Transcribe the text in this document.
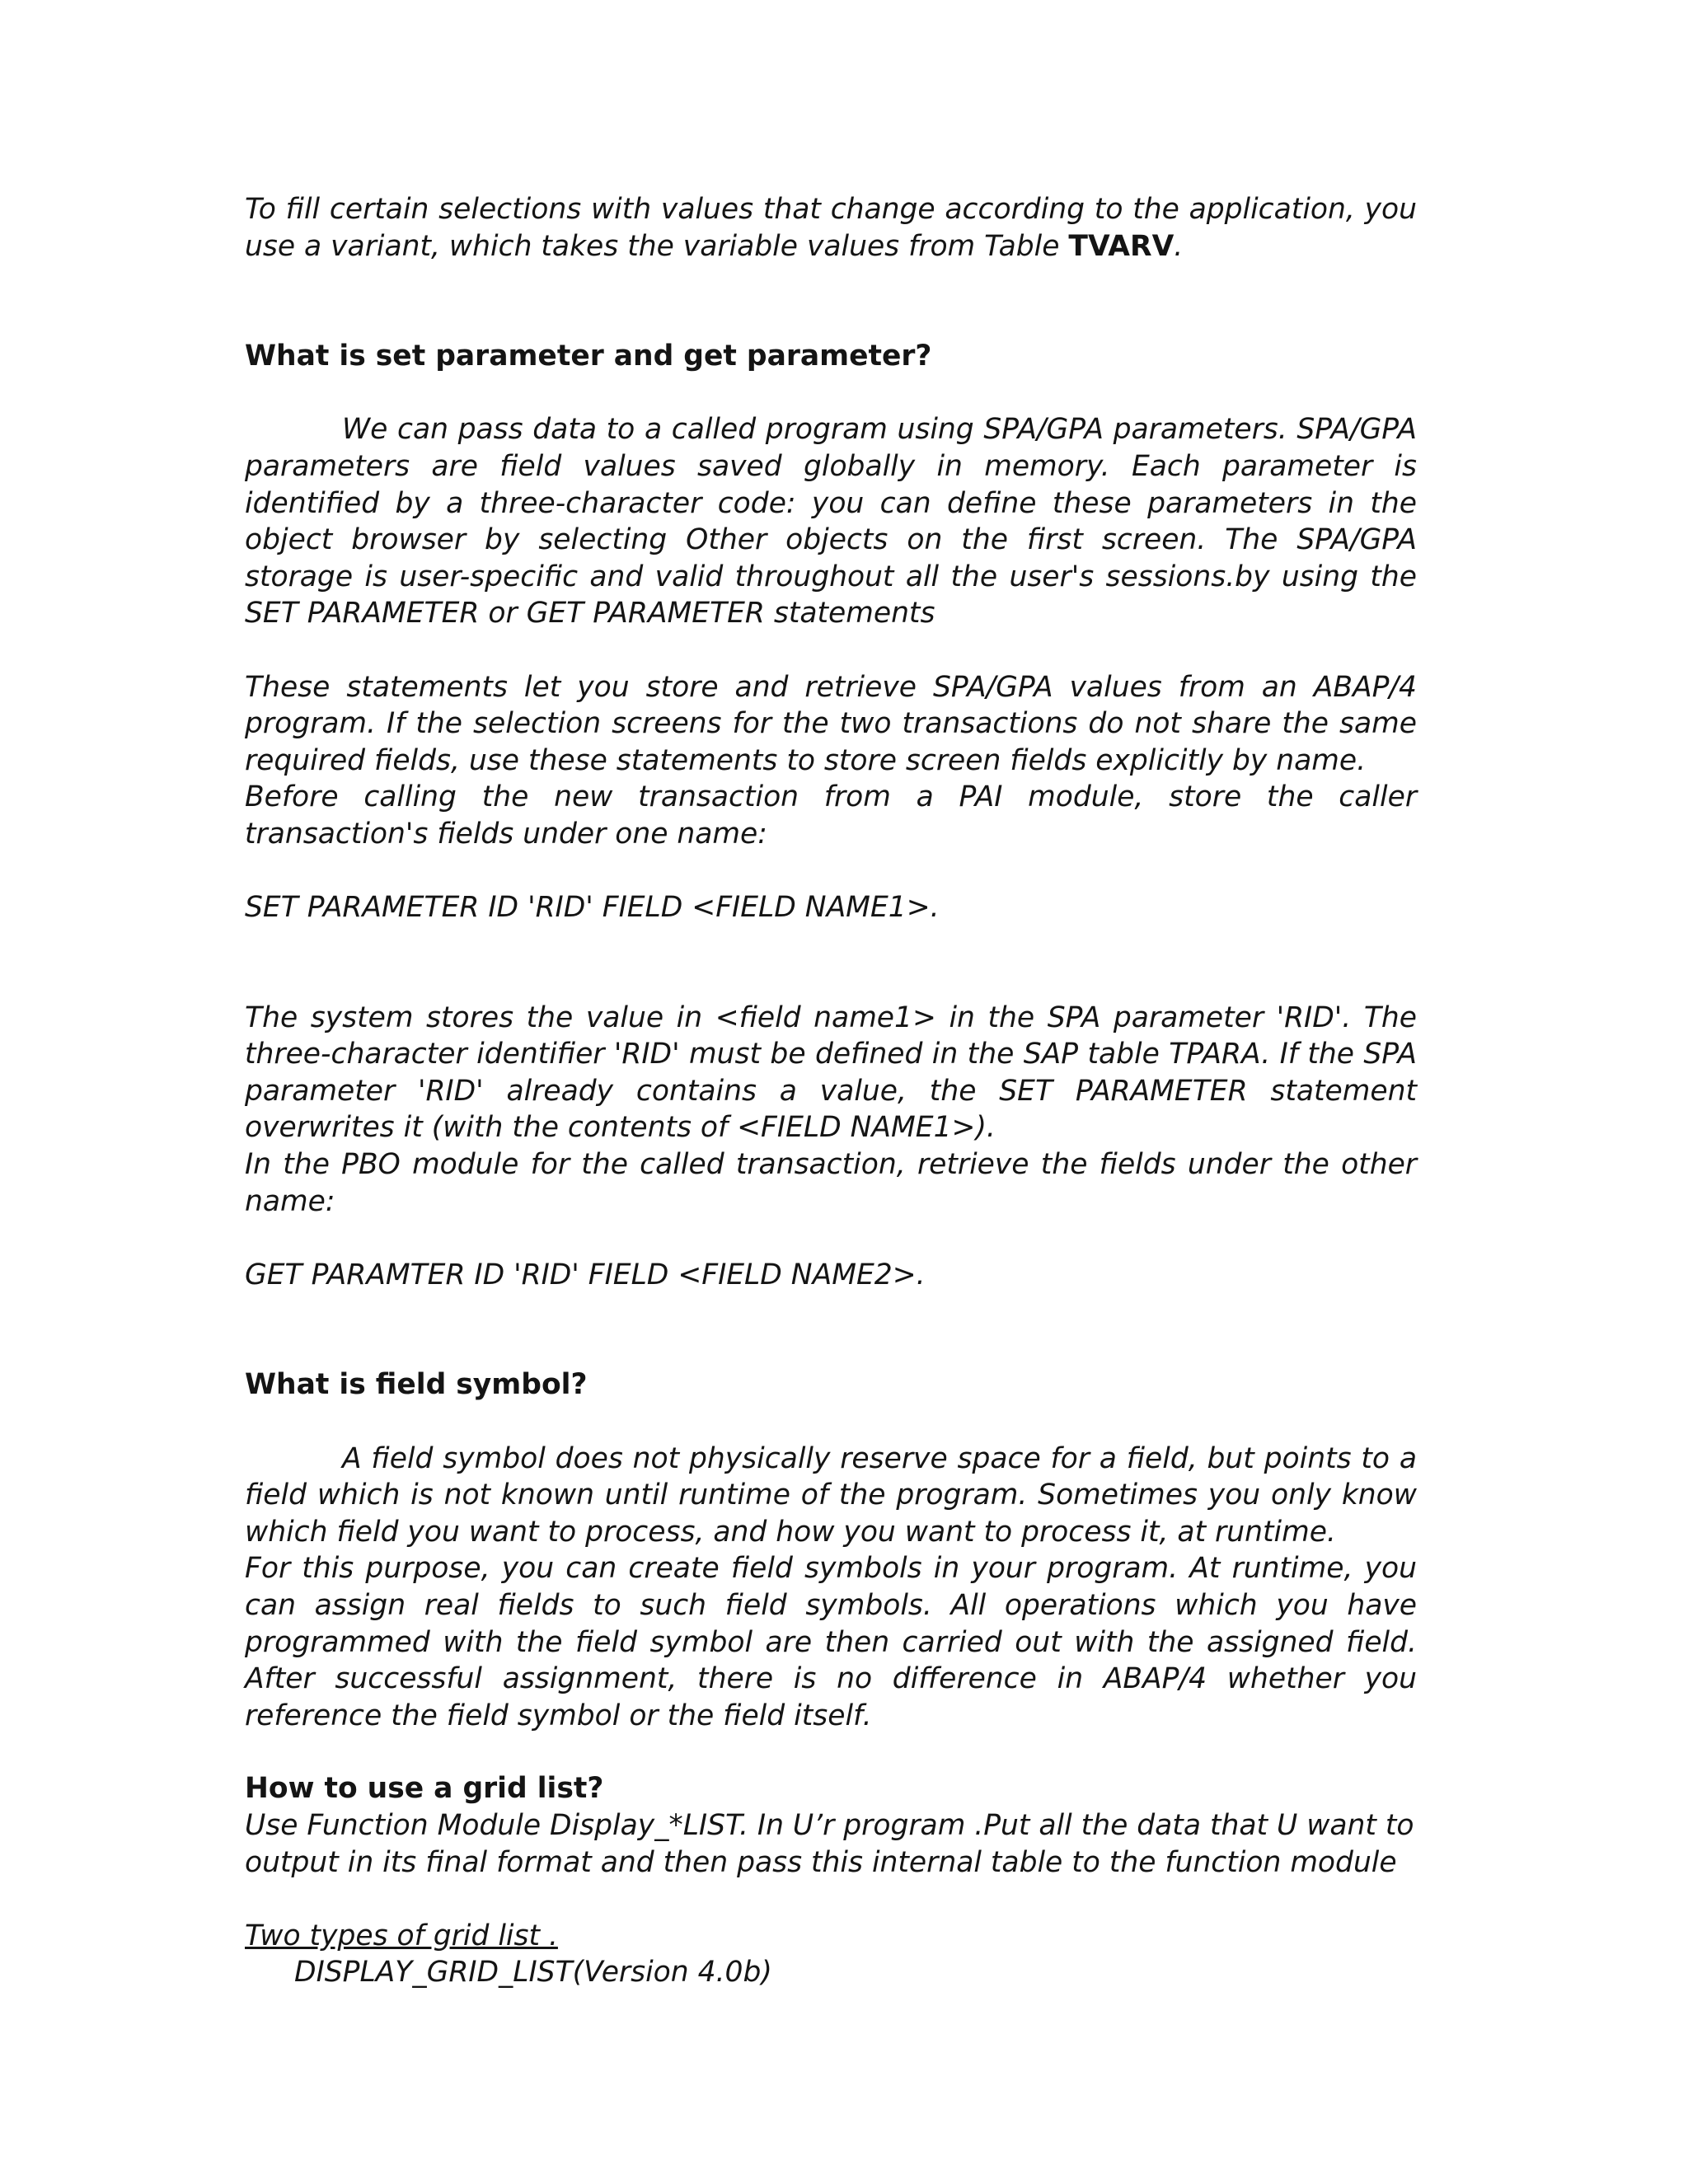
To fill certain selections with values that change according to the application, you use a variant, which takes the variable values from Table TVARV.

What is set parameter and get parameter?

We can pass data to a called program using SPA/GPA parameters. SPA/GPA parameters are field values saved globally in memory. Each parameter is identified by a three-character code: you can define these parameters in the object browser by selecting Other objects on the first screen. The SPA/GPA storage is user-specific and valid throughout all the user's sessions.by using the SET PARAMETER or GET PARAMETER statements

These statements let you store and retrieve SPA/GPA values from an ABAP/4 program. If the selection screens for the two transactions do not share the same required fields, use these statements to store screen fields explicitly by name.

Before calling the new transaction from a PAI module, store the caller transaction's fields under one name:

SET PARAMETER ID 'RID' FIELD <FIELD NAME1>.

The system stores the value in <field name1> in the SPA parameter 'RID'. The three-character identifier 'RID' must be defined in the SAP table TPARA. If the SPA parameter 'RID' already contains a value, the SET PARAMETER statement overwrites it (with the contents of <FIELD NAME1>).

In the PBO module for the called transaction, retrieve the fields under the other name:

GET PARAMTER ID 'RID' FIELD <FIELD NAME2>.

What is field symbol?

A field symbol does not physically reserve space for a field, but points to a field which is not known until runtime of the program. Sometimes you only know which field you want to process, and how you want to process it, at runtime.

For this purpose, you can create field symbols in your program. At runtime, you can assign real fields to such field symbols. All operations which you have programmed with the field symbol are then carried out with the assigned field. After successful assignment, there is no difference in ABAP/4 whether you reference the field symbol or the field itself.

How to use a grid list?

Use Function Module Display_*LIST. In U’r program .Put all the data that U want to output in its final format and then pass this internal table to the function module

Two types of grid list .

DISPLAY_GRID_LIST(Version 4.0b)
